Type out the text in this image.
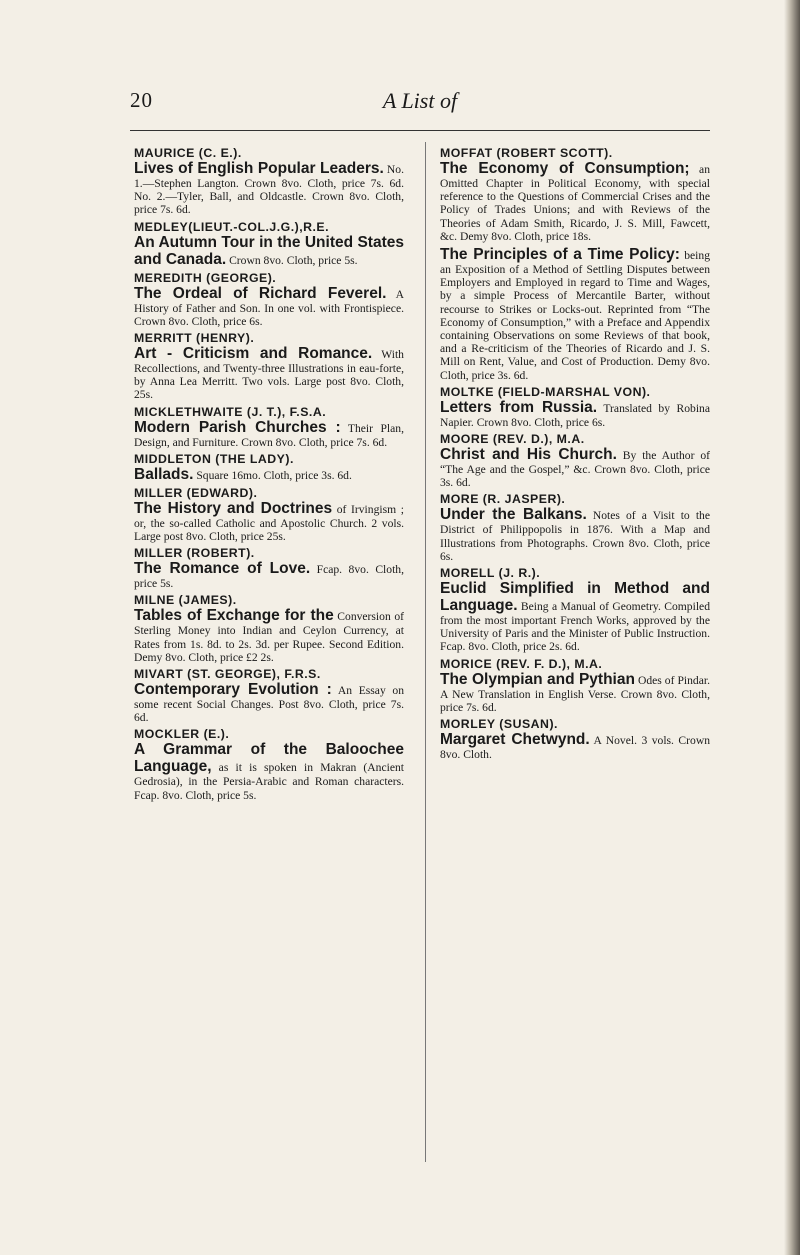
20	A List of
MAURICE (C. E.).
Lives of English Popular Leaders. No. 1.—Stephen Langton. Crown 8vo. Cloth, price 7s. 6d. No. 2.—Tyler, Ball, and Oldcastle. Crown 8vo. Cloth, price 7s. 6d.
MEDLEY(LIEUT.-COL.J.G.),R.E.
An Autumn Tour in the United States and Canada. Crown 8vo. Cloth, price 5s.
MEREDITH (GEORGE).
The Ordeal of Richard Feverel. A History of Father and Son. In one vol. with Frontispiece. Crown 8vo. Cloth, price 6s.
MERRITT (HENRY).
Art - Criticism and Romance. With Recollections, and Twenty-three Illustrations in eau-forte, by Anna Lea Merritt. Two vols. Large post 8vo. Cloth, 25s.
MICKLETHWAITE (J. T.), F.S.A.
Modern Parish Churches : Their Plan, Design, and Furniture. Crown 8vo. Cloth, price 7s. 6d.
MIDDLETON (THE LADY).
Ballads. Square 16mo. Cloth, price 3s. 6d.
MILLER (EDWARD).
The History and Doctrines of Irvingism ; or, the so-called Catholic and Apostolic Church. 2 vols. Large post 8vo. Cloth, price 25s.
MILLER (ROBERT).
The Romance of Love. Fcap. 8vo. Cloth, price 5s.
MILNE (JAMES).
Tables of Exchange for the Conversion of Sterling Money into Indian and Ceylon Currency, at Rates from 1s. 8d. to 2s. 3d. per Rupee. Second Edition. Demy 8vo. Cloth, price £2 2s.
MIVART (ST. GEORGE), F.R.S.
Contemporary Evolution : An Essay on some recent Social Changes. Post 8vo. Cloth, price 7s. 6d.
MOCKLER (E.).
A Grammar of the Baloochee Language, as it is spoken in Makran (Ancient Gedrosia), in the Persia-Arabic and Roman characters. Fcap. 8vo. Cloth, price 5s.
MOFFAT (ROBERT SCOTT).
The Economy of Consumption; an Omitted Chapter in Political Economy, with special reference to the Questions of Commercial Crises and the Policy of Trades Unions; and with Reviews of the Theories of Adam Smith, Ricardo, J. S. Mill, Fawcett, &c. Demy 8vo. Cloth, price 18s.
The Principles of a Time Policy: being an Exposition of a Method of Settling Disputes between Employers and Employed in regard to Time and Wages, by a simple Process of Mercantile Barter, without recourse to Strikes or Locks-out. Reprinted from “The Economy of Consumption,” with a Preface and Appendix containing Observations on some Reviews of that book, and a Re-criticism of the Theories of Ricardo and J. S. Mill on Rent, Value, and Cost of Production. Demy 8vo. Cloth, price 3s. 6d.
MOLTKE (FIELD-MARSHAL VON).
Letters from Russia. Translated by Robina Napier. Crown 8vo. Cloth, price 6s.
MOORE (REV. D.), M.A.
Christ and His Church. By the Author of “The Age and the Gospel,” &c. Crown 8vo. Cloth, price 3s. 6d.
MORE (R. JASPER).
Under the Balkans. Notes of a Visit to the District of Philippopolis in 1876. With a Map and Illustrations from Photographs. Crown 8vo. Cloth, price 6s.
MORELL (J. R.).
Euclid Simplified in Method and Language. Being a Manual of Geometry. Compiled from the most important French Works, approved by the University of Paris and the Minister of Public Instruction. Fcap. 8vo. Cloth, price 2s. 6d.
MORICE (REV. F. D.), M.A.
The Olympian and Pythian Odes of Pindar. A New Translation in English Verse. Crown 8vo. Cloth, price 7s. 6d.
MORLEY (SUSAN).
Margaret Chetwynd. A Novel. 3 vols. Crown 8vo. Cloth.
